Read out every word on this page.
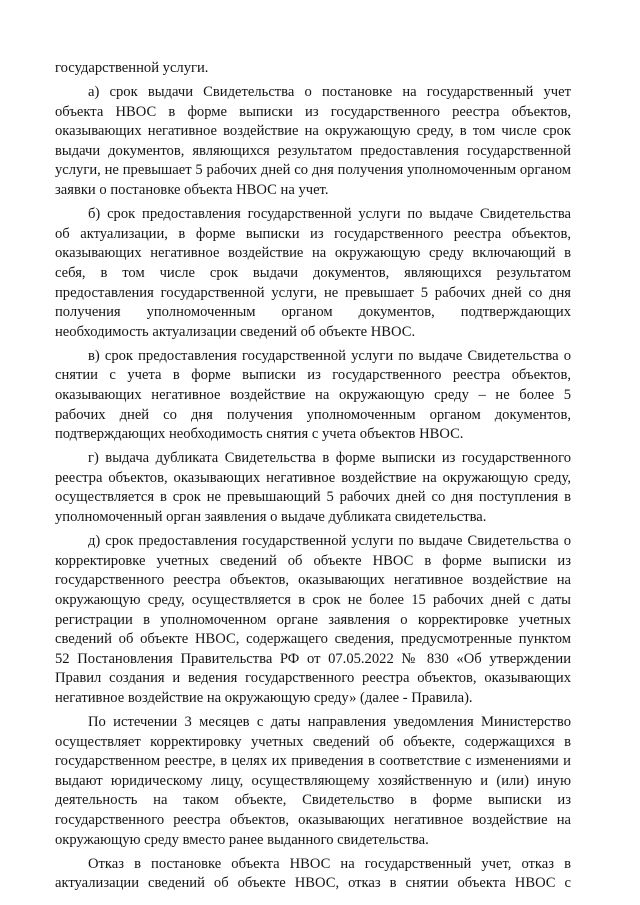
государственной услуги.
а) срок выдачи Свидетельства о постановке на государственный учет
объекта НВОС в форме выписки из государственного реестра объектов,
оказывающих негативное воздействие на окружающую среду, в том числе срок
выдачи документов, являющихся результатом предоставления государственной
услуги, не превышает 5 рабочих дней со дня получения уполномоченным органом
заявки о постановке объекта НВОС на учет.
б) срок предоставления государственной услуги по выдаче Свидетельства
об актуализации, в форме выписки из государственного реестра объектов,
оказывающих негативное воздействие на окружающую среду включающий в
себя, в том числе срок выдачи документов, являющихся результатом
предоставления государственной услуги, не превышает 5 рабочих дней со дня
получения уполномоченным органом документов, подтверждающих
необходимость актуализации сведений об объекте НВОС.
в) срок предоставления государственной услуги по выдаче Свидетельства о
снятии с учета в форме выписки из государственного реестра объектов,
оказывающих негативное воздействие на окружающую среду – не более 5
рабочих дней со дня получения уполномоченным органом документов,
подтверждающих необходимость снятия с учета объектов НВОС.
г) выдача дубликата Свидетельства в форме выписки из государственного
реестра объектов, оказывающих негативное воздействие на окружающую среду,
осуществляется в срок не превышающий 5 рабочих дней со дня поступления в
уполномоченный орган заявления о выдаче дубликата свидетельства.
д) срок предоставления государственной услуги по выдаче Свидетельства о
корректировке учетных сведений об объекте НВОС в форме выписки из
государственного реестра объектов, оказывающих негативное воздействие на
окружающую среду, осуществляется в срок не более 15 рабочих дней с даты
регистрации в уполномоченном органе заявления о корректировке учетных
сведений об объекте НВОС, содержащего сведения, предусмотренные пунктом
52 Постановления Правительства РФ от 07.05.2022 № 830 «Об утверждении
Правил создания и ведения государственного реестра объектов, оказывающих
негативное воздействие на окружающую среду» (далее - Правила).
По истечении 3 месяцев с даты направления уведомления Министерство
осуществляет корректировку учетных сведений об объекте, содержащихся в
государственном реестре, в целях их приведения в соответствие с изменениями и
выдают юридическому лицу, осуществляющему хозяйственную и (или) иную
деятельность на таком объекте, Свидетельство в форме выписки из
государственного реестра объектов, оказывающих негативное воздействие на
окружающую среду вместо ранее выданного свидетельства.
Отказ в постановке объекта НВОС на государственный учет, отказ в
актуализации сведений об объекте НВОС, отказ в снятии объекта НВОС с
